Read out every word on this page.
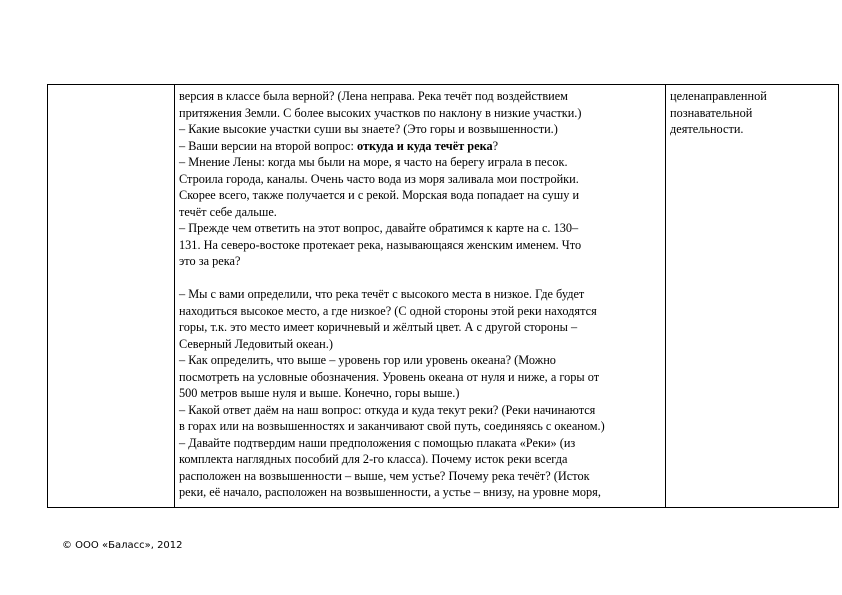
версия в классе была верной? (Лена неправа. Река течёт под воздействием
притяжения Земли. С более высоких участков по наклону в низкие участки.)
– Какие высокие участки суши вы знаете? (Это горы и возвышенности.)
– Ваши версии на второй вопрос: откуда и куда течёт река?
– Мнение Лены: когда мы были на море, я часто на берегу играла в песок.
Строила города, каналы. Очень часто вода из моря заливала мои постройки.
Скорее всего, также получается и с рекой. Морская вода попадает на сушу и
течёт себе дальше.
– Прежде чем ответить на этот вопрос, давайте обратимся к карте на с. 130–
131. На северо-востоке протекает река, называющаяся женским именем. Что
это за река?
– Мы с вами определили, что река течёт с высокого места в низкое. Где будет
находиться высокое место, а где низкое? (С одной стороны этой реки находятся
горы, т.к. это место имеет коричневый и жёлтый цвет. А с другой стороны –
Северный Ледовитый океан.)
– Как определить, что выше – уровень гор или уровень океана? (Можно
посмотреть на условные обозначения. Уровень океана от нуля и ниже, а горы от
500 метров выше нуля и выше. Конечно, горы выше.)
– Какой ответ даём на наш вопрос: откуда и куда текут реки? (Реки начинаются
в горах или на возвышенностях и заканчивают свой путь, соединяясь с океаном.)
– Давайте подтвердим наши предположения с помощью плаката «Реки» (из
комплекта наглядных пособий для 2-го класса). Почему исток реки всегда
расположен на возвышенности – выше, чем устье? Почему река течёт? (Исток
реки, её начало, расположен на возвышенности, а устье – внизу, на уровне моря,
целенаправленной
познавательной
деятельности.
© ООО «Баласс», 2012
